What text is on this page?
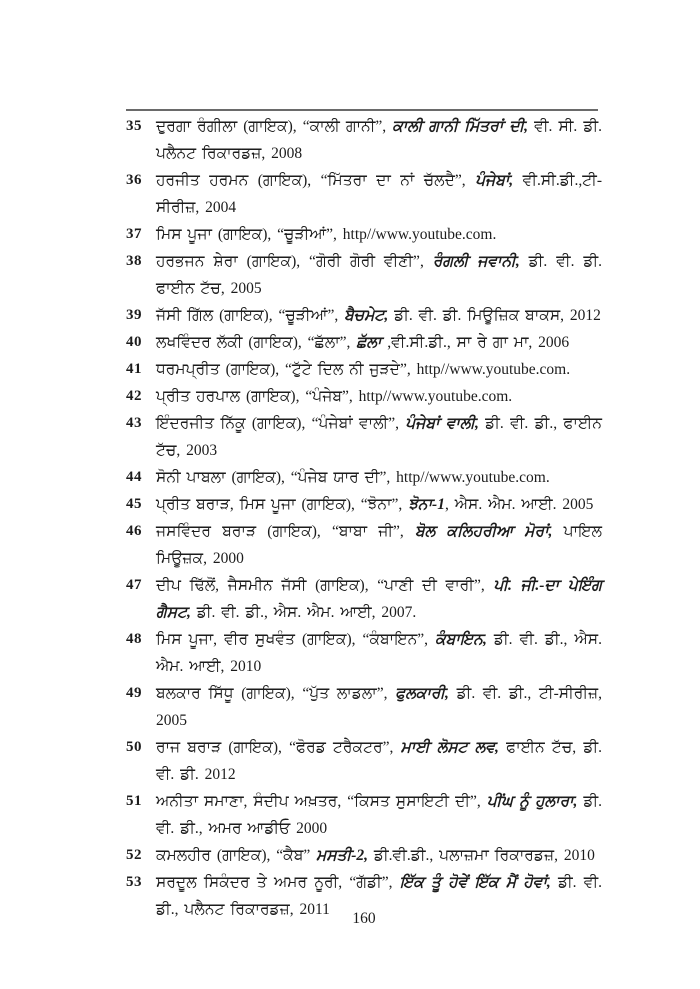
35 ਦੁਰਗਾ ਰੰਗੀਲਾ (ਗਾਇਕ), “ਕਾਲੀ ਗਾਨੀ”, ਕਾਲੀ ਗਾਨੀ ਮਿੱਤਰਾਂ ਦੀ, ਵੀ. ਸੀ. ਡੀ. ਪਲੈਨਟ ਰਿਕਾਰਡਜ਼, 2008
36 ਹਰਜੀਤ ਹਰਮਨ (ਗਾਇਕ), “ਮਿੱਤਰਾ ਦਾ ਨਾਂ ਚੱਲਦੈ”, ਪੰਜੇਬਾਂ, ਵੀ.ਸੀ.ਡੀ.,ਟੀ-ਸੀਰੀਜ਼, 2004
37 ਮਿਸ ਪੂਜਾ (ਗਾਇਕ), “ਚੂੜੀਆਂ”, http//www.youtube.com.
38 ਹਰਭਜਨ ਸ਼ੇਰਾ (ਗਾਇਕ), “ਗੋਰੀ ਗੋਰੀ ਵੀਣੀ”, ਰੰਗਲੀ ਜਵਾਨੀ, ਡੀ. ਵੀ. ਡੀ. ਫਾਈਨ ਟੱਚ, 2005
39 ਜੱਸੀ ਗਿੱਲ (ਗਾਇਕ), “ਚੂੜੀਆਂ”, ਬੈਚਮੇਟ, ਡੀ. ਵੀ. ਡੀ. ਮਿਊਜ਼ਿਕ ਬਾਕਸ, 2012
40 ਲਖਵਿੰਦਰ ਲੱਕੀ (ਗਾਇਕ), “ਛੱਲਾ”, ਛੱਲਾ ,ਵੀ.ਸੀ.ਡੀ., ਸਾ ਰੇ ਗਾ ਮਾ, 2006
41 ਧਰਮਪ੍ਰੀਤ (ਗਾਇਕ), “ਟੁੱਟੇ ਦਿਲ ਨੀ ਜੁੜਦੇ”, http//www.youtube.com.
42 ਪ੍ਰੀਤ ਹਰਪਾਲ (ਗਾਇਕ), “ਪੰਜੇਬ”, http//www.youtube.com.
43 ਇੰਦਰਜੀਤ ਨਿੱਕੂ (ਗਾਇਕ), “ਪੰਜੇਬਾਂ ਵਾਲੀ”, ਪੰਜੇਬਾਂ ਵਾਲੀ, ਡੀ. ਵੀ. ਡੀ., ਫਾਈਨ ਟੱਚ, 2003
44 ਸੋਨੀ ਪਾਬਲਾ (ਗਾਇਕ), “ਪੰਜੇਬ ਯਾਰ ਦੀ”, http//www.youtube.com.
45 ਪ੍ਰੀਤ ਬਰਾੜ, ਮਿਸ ਪੂਜਾ (ਗਾਇਕ), “ਝੋਨਾ”, ਝੋਨਾ-1, ਐਸ. ਐਮ. ਆਈ. 2005
46 ਜਸਵਿੰਦਰ ਬਰਾੜ (ਗਾਇਕ), “ਬਾਬਾ ਜੀ”, ਬੋਲ ਕਲਿਹਰੀਆ ਮੋਰਾਂ, ਪਾਇਲ ਮਿਊਜ਼ਕ, 2000
47 ਦੀਪ ਢਿੱਲੋਂ, ਜੈਸਮੀਨ ਜੱਸੀ (ਗਾਇਕ), “ਪਾਣੀ ਦੀ ਵਾਰੀ”, ਪੀ. ਜੀ.-ਦਾ ਪੇਇੰਗ ਗੈਸਟ, ਡੀ. ਵੀ. ਡੀ., ਐਸ. ਐਮ. ਆਈ, 2007.
48 ਮਿਸ ਪੂਜਾ, ਵੀਰ ਸੁਖਵੰਤ (ਗਾਇਕ), “ਕੰਬਾਇਨ”, ਕੰਬਾਇਨ, ਡੀ. ਵੀ. ਡੀ., ਐਸ. ਐਮ. ਆਈ, 2010
49 ਬਲਕਾਰ ਸਿੱਧੂ (ਗਾਇਕ), “ਪੁੱਤ ਲਾਡਲਾ”, ਫੁਲਕਾਰੀ, ਡੀ. ਵੀ. ਡੀ., ਟੀ-ਸੀਰੀਜ਼, 2005
50 ਰਾਜ ਬਰਾੜ (ਗਾਇਕ), “ਫੋਰਡ ਟਰੈਕਟਰ”, ਮਾਈ ਲੋਸਟ ਲਵ, ਫਾਈਨ ਟੱਚ, ਡੀ. ਵੀ. ਡੀ. 2012
51 ਅਨੀਤਾ ਸਮਾਣਾ, ਸੰਦੀਪ ਅਖ਼ਤਰ, “ਕਿਸਤ ਸੁਸਾਇਟੀ ਦੀ”, ਪੀਂਘ ਨੂੰ ਹੁਲਾਰਾ, ਡੀ. ਵੀ. ਡੀ., ਅਮਰ ਆਡੀਓ 2000
52 ਕਮਲਹੀਰ (ਗਾਇਕ), “ਕੈਬ” ਮਸਤੀ-2, ਡੀ.ਵੀ.ਡੀ., ਪਲਾਜ਼ਮਾ ਰਿਕਾਰਡਜ਼, 2010
53 ਸਰਦੂਲ ਸਿਕੰਦਰ ਤੇ ਅਮਰ ਨੂਰੀ, “ਗੱਡੀ”, ਇੱਕ ਤੂੰ ਹੋਵੇਂ ਇੱਕ ਮੈਂ ਹੋਵਾਂ, ਡੀ. ਵੀ. ਡੀ., ਪਲੈਨਟ ਰਿਕਾਰਡਜ਼, 2011
160
